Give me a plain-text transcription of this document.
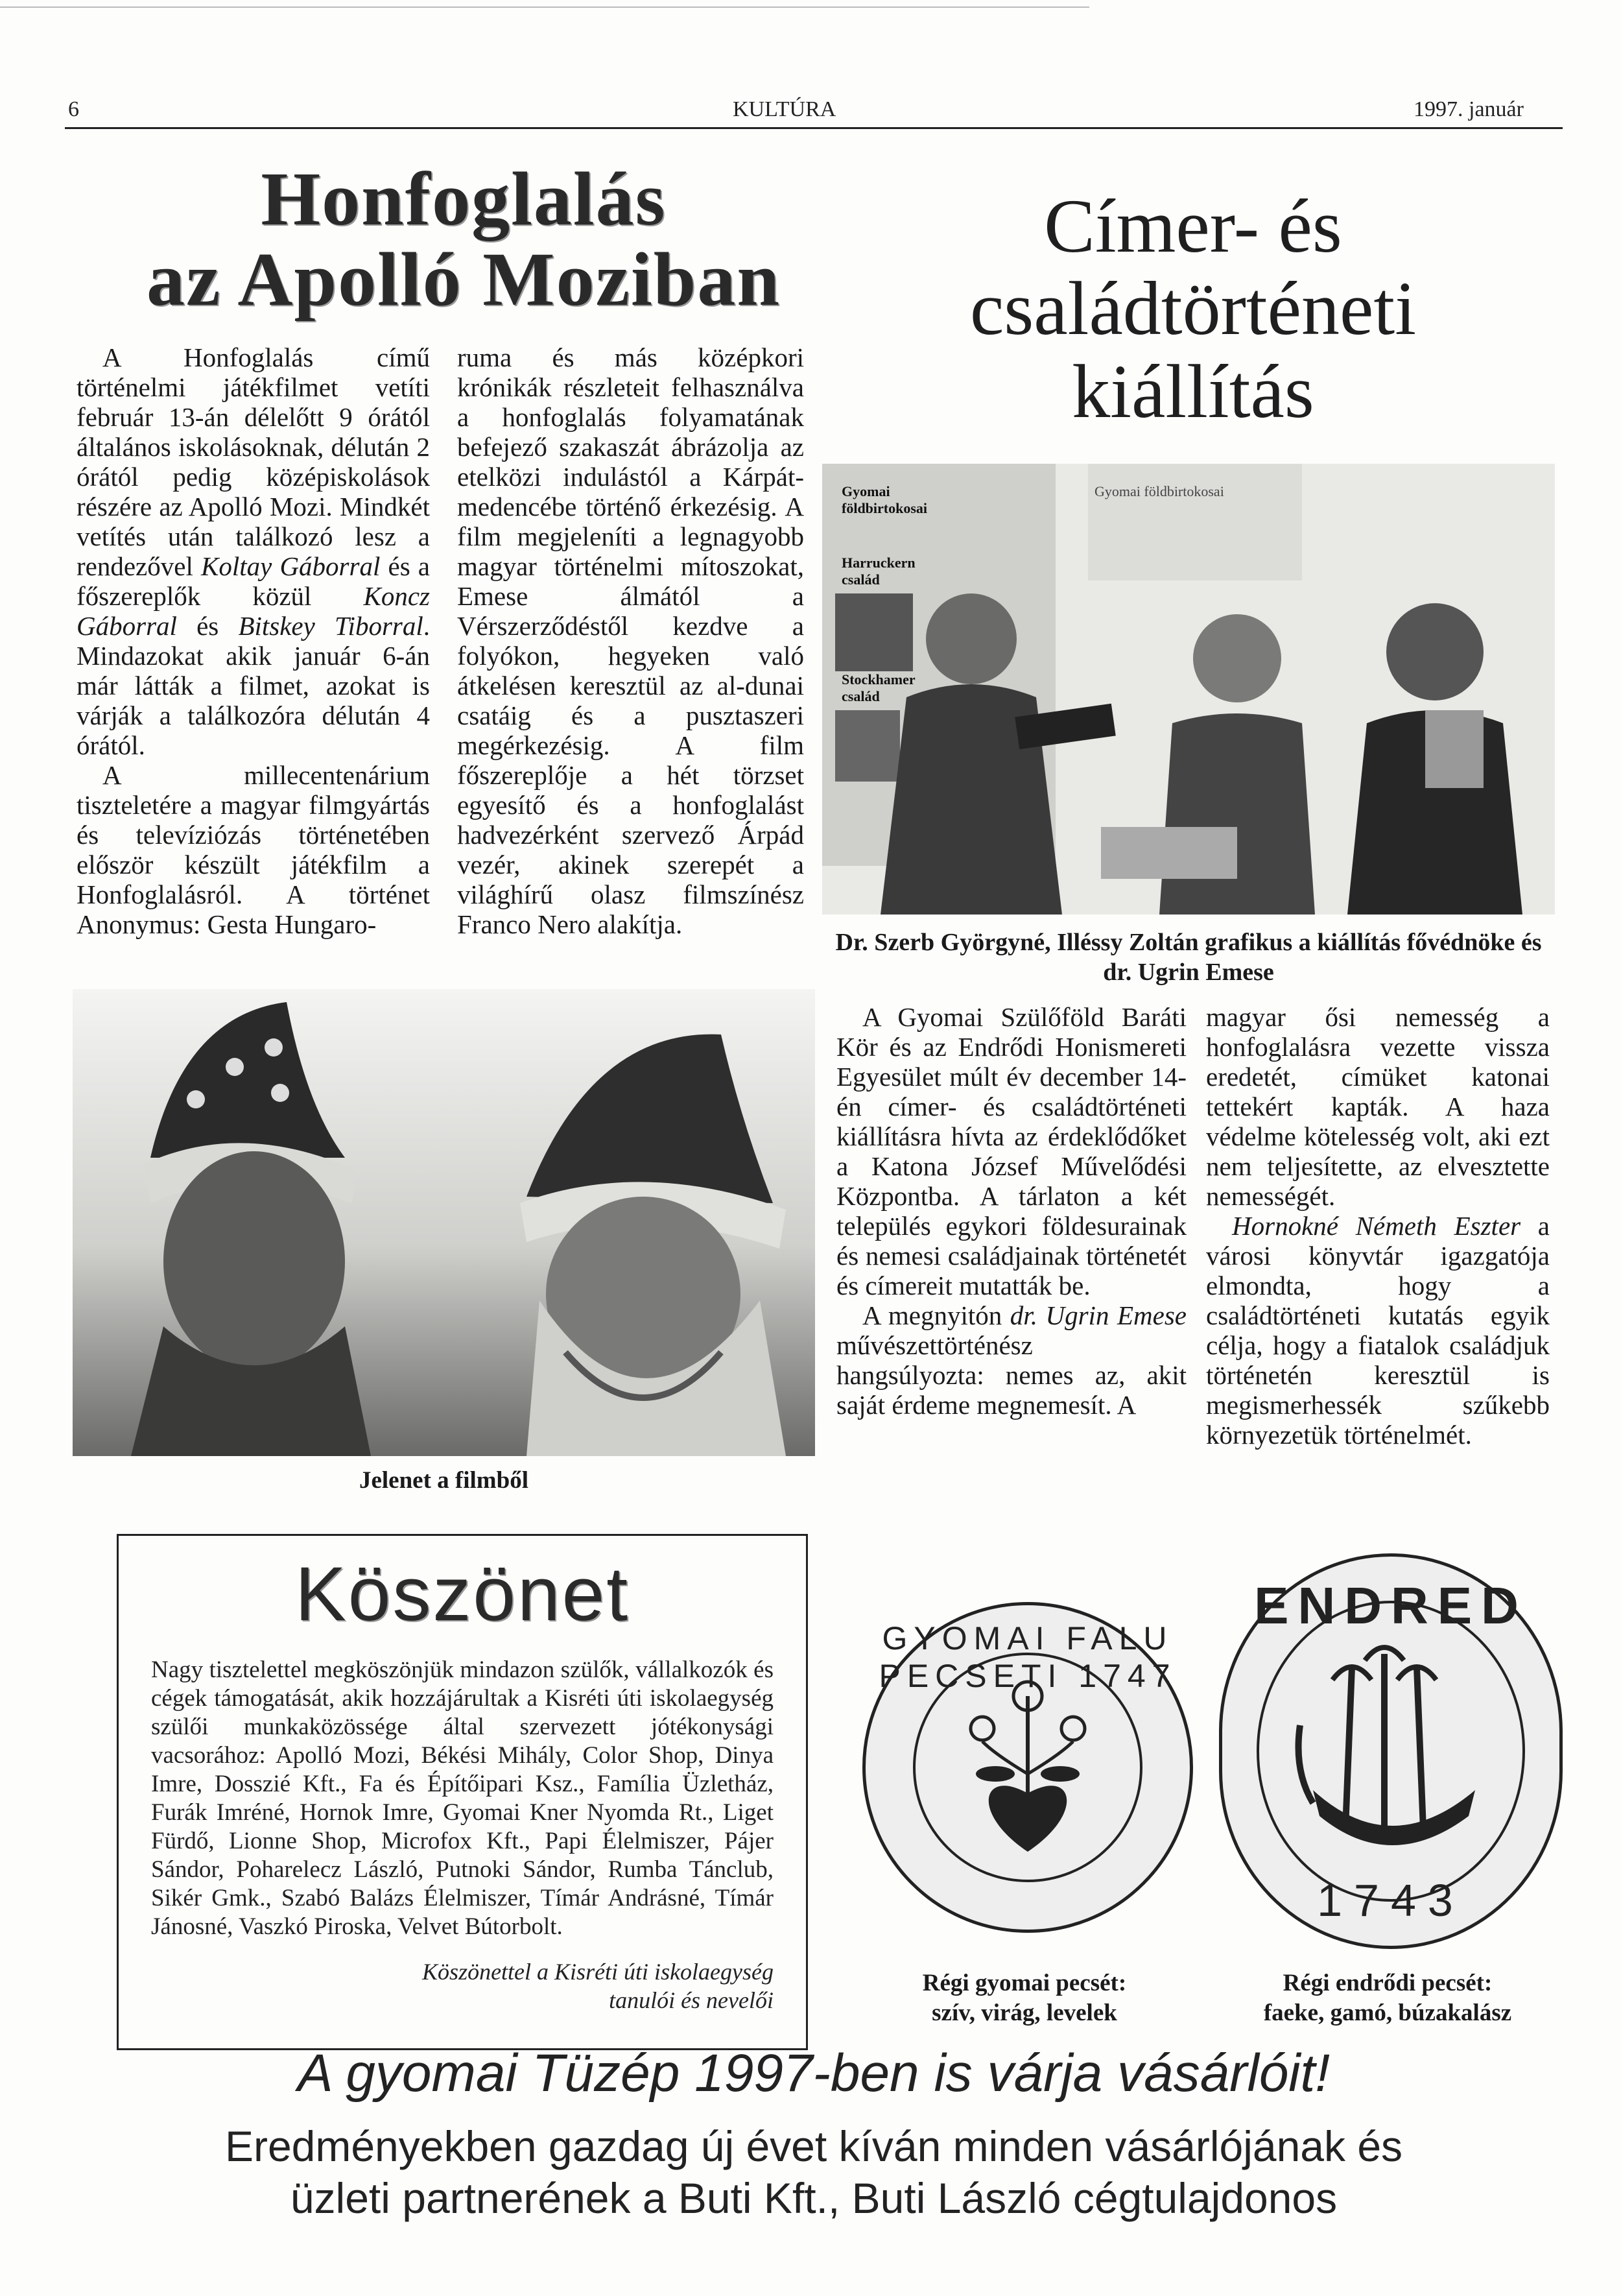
6	KULTÚRA	1997. január
Honfoglalás
az Apolló Moziban

A Honfoglalás című történelmi játékfilmet vetíti február 13-án délelőtt 9 órától általános iskolásoknak, délután 2 órától pedig középiskolások részére az Apolló Mozi. Mindkét vetítés után találkozó lesz a rendezővel Koltay Gáborral és a főszereplők közül Koncz Gáborral és Bitskey Tiborral. Mindazokat akik január 6-án már látták a filmet, azokat is várják a találkozóra délután 4 órától.

A millecentenárium tiszteletére a magyar filmgyártás és televíziózás történetében először készült játékfilm a Honfoglalásról. A történet Anonymus: Gesta Hungaro-

ruma és más középkori krónikák részleteit felhasználva a honfoglalás folyamatának befejező szakaszát ábrázolja az etelközi indulástól a Kárpát-medencébe történő érkezésig. A film megjeleníti a legnagyobb magyar történelmi mítoszokat, Emese álmától a Vérszerződéstől kezdve a folyókon, hegyeken való átkelésen keresztül az al-dunai csatáig és a pusztaszeri megérkezésig. A film főszereplője a hét törzset egyesítő és a honfoglalást hadvezérként szervező Árpád vezér, akinek szerepét a világhírű olasz filmszínész Franco Nero alakítja.

Jelenet a filmből
Címer- és
családtörténeti
kiállítás
Gyomai földbirtokosai
Harruckern család
Stockhamer család
Gyomai földbirtokosai
Dr. Szerb Györgyné, Illéssy Zoltán grafikus a kiállítás fővédnöke és dr. Ugrin Emese

A Gyomai Szülőföld Baráti Kör és az Endrődi Honismereti Egyesület múlt év december 14-én címer- és családtörténeti kiállításra hívta az érdeklődőket a Katona József Művelődési Központba. A tárlaton a két település egykori földesurainak és nemesi családjainak történetét és címereit mutatták be.

A megnyitón dr. Ugrin Emese művészettörténész hangsúlyozta: nemes az, akit saját érdeme megnemesít. A

magyar ősi nemesség a honfoglalásra vezette vissza eredetét, címüket katonai tettekért kapták. A haza védelme kötelesség volt, aki ezt nem teljesítette, az elvesztette nemességét.

Hornokné Németh Eszter a városi könyvtár igazgatója elmondta, hogy a családtörténeti kutatás egyik célja, hogy a fiatalok családjuk történetén keresztül is megismerhessék szűkebb környezetük történelmét.

Köszönet
Nagy tisztelettel megköszönjük mindazon szülők, vállalkozók és cégek támogatását, akik hozzájárultak a Kisréti úti iskolaegység szülői munkaközössége által szervezett jótékonysági vacsorához: Apolló Mozi, Békési Mihály, Color Shop, Dinya Imre, Dosszié Kft., Fa és Építőipari Ksz., Família Üzletház, Furák Imréné, Hornok Imre, Gyomai Kner Nyomda Rt., Liget Fürdő, Lionne Shop, Microfox Kft., Papi Élelmiszer, Pájer Sándor, Poharelecz László, Putnoki Sándor, Rumba Tánclub, Sikér Gmk., Szabó Balázs Élelmiszer, Tímár Andrásné, Tímár Jánosné, Vaszkó Piroska, Velvet Bútorbolt.
Köszönettel a Kisréti úti iskolaegység
tanulói és nevelői
GYOMAI FALU PECSETI 1747
Régi gyomai pecsét:
szív, virág, levelek
ENDRED
1743
Régi endrődi pecsét:
faeke, gamó, búzakalász
A gyomai Tüzép 1997-ben is várja vásárlóit!
Eredményekben gazdag új évet kíván minden vásárlójának és
üzleti partnerének a Buti Kft., Buti László cégtulajdonos
